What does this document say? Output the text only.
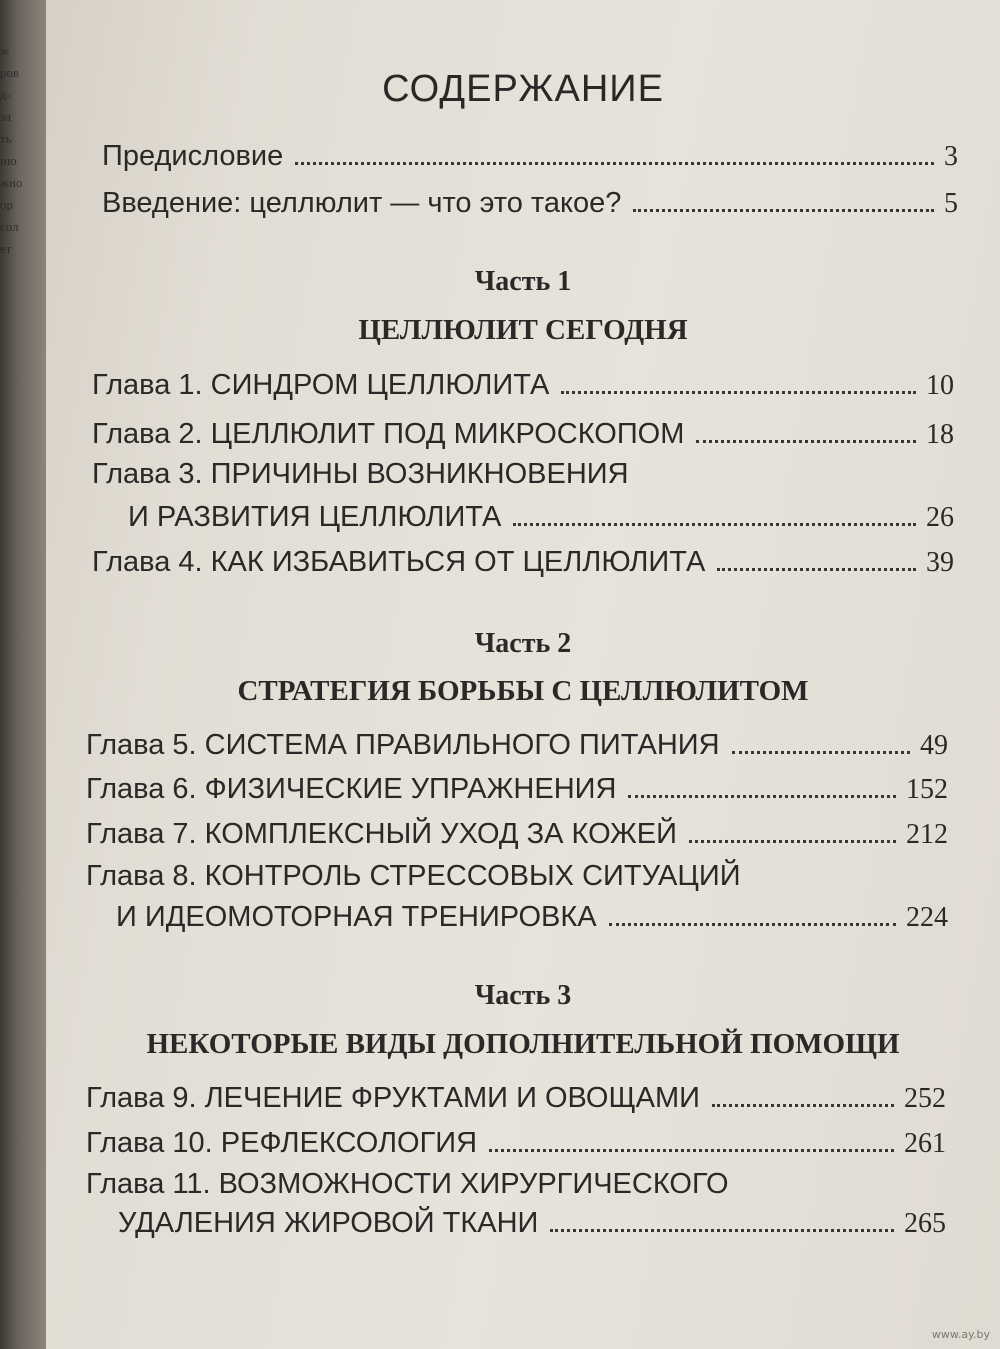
ж
ров
д-
за
ть
ию
жно
ор
сол
ет
СОДЕРЖАНИЕ
Предисловие	3
Введение: целлюлит — что это такое?	5
Часть 1
ЦЕЛЛЮЛИТ СЕГОДНЯ
Глава 1. СИНДРОМ ЦЕЛЛЮЛИТА	10
Глава 2. ЦЕЛЛЮЛИТ ПОД МИКРОСКОПОМ	18
Глава 3. ПРИЧИНЫ ВОЗНИКНОВЕНИЯ
И РАЗВИТИЯ ЦЕЛЛЮЛИТА	26
Глава 4. КАК ИЗБАВИТЬСЯ ОТ ЦЕЛЛЮЛИТА	39
Часть 2
СТРАТЕГИЯ БОРЬБЫ С ЦЕЛЛЮЛИТОМ
Глава 5. СИСТЕМА ПРАВИЛЬНОГО ПИТАНИЯ	49
Глава 6. ФИЗИЧЕСКИЕ УПРАЖНЕНИЯ	152
Глава 7. КОМПЛЕКСНЫЙ УХОД ЗА КОЖЕЙ	212
Глава 8. КОНТРОЛЬ СТРЕССОВЫХ СИТУАЦИЙ
И ИДЕОМОТОРНАЯ ТРЕНИРОВКА	224
Часть 3
НЕКОТОРЫЕ ВИДЫ ДОПОЛНИТЕЛЬНОЙ ПОМОЩИ
Глава 9. ЛЕЧЕНИЕ ФРУКТАМИ И ОВОЩАМИ	252
Глава 10. РЕФЛЕКСОЛОГИЯ	261
Глава 11. ВОЗМОЖНОСТИ ХИРУРГИЧЕСКОГО
УДАЛЕНИЯ ЖИРОВОЙ ТКАНИ	265
www.ay.by
